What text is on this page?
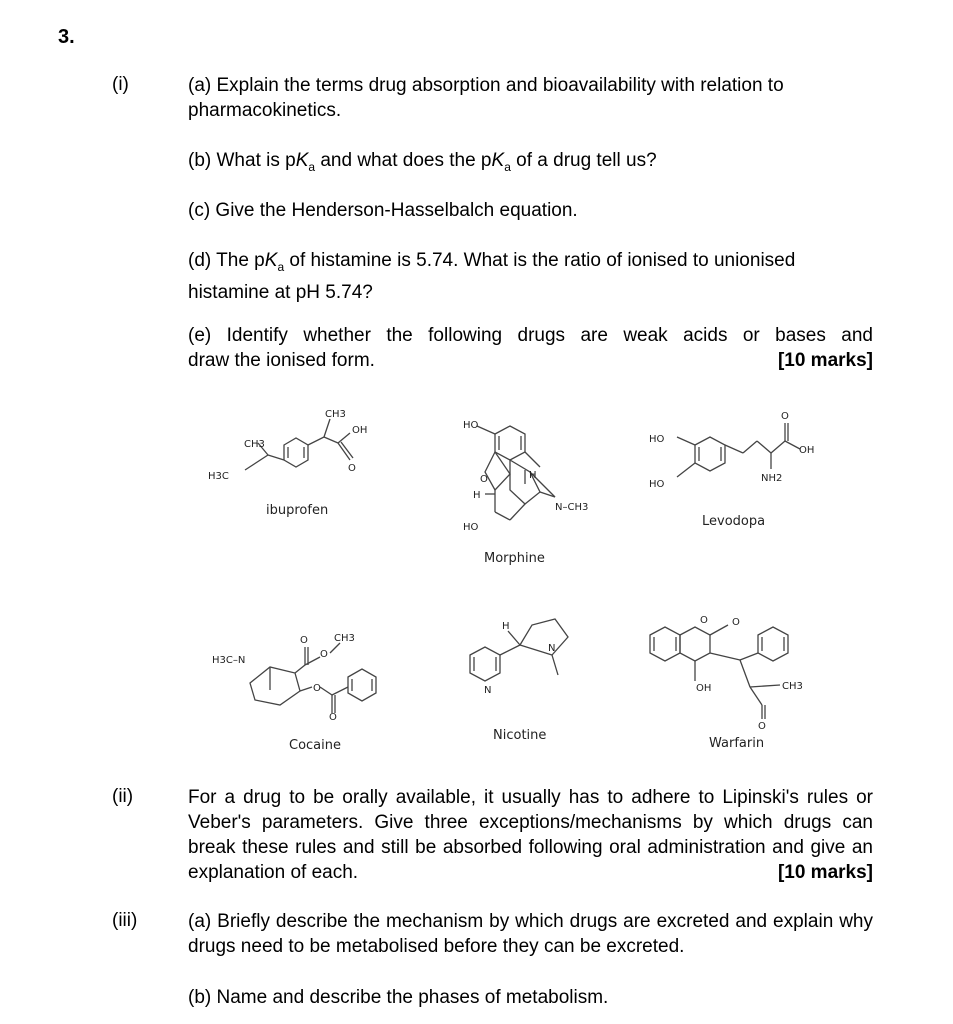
3.
(i)	(a) Explain the terms drug absorption and bioavailability with relation to pharmacokinetics.
(b) What is $pK_a$ and what does the $pK_a$ of a drug tell us?
(c) Give the Henderson-Hasselbalch equation.
(d) The $pK_a$ of histamine is 5.74. What is the ratio of ionised to unionised histamine at pH 5.74?
(e) Identify whether the following drugs are weak acids or bases and
draw the ionised form.	[10 marks]
CH3
CH3
H3C
OH
O
ibuprofen
HO
O
H
H
N–CH3
HO
Morphine
HO
HO
O
OH
NH2
Levodopa
H3C–N
O
O
CH3
O
O
Cocaine
H
N
N
Nicotine
O O
OH	CH3
O
Warfarin
(ii)	For a drug to be orally available, it usually has to adhere to Lipinski's rules or Veber's parameters. Give three exceptions/mechanisms by which drugs can break these rules and still be absorbed following oral administration and give an explanation of each.	[10 marks]
(iii)	(a) Briefly describe the mechanism by which drugs are excreted and explain why drugs need to be metabolised before they can be excreted.
(b) Name and describe the phases of metabolism.
